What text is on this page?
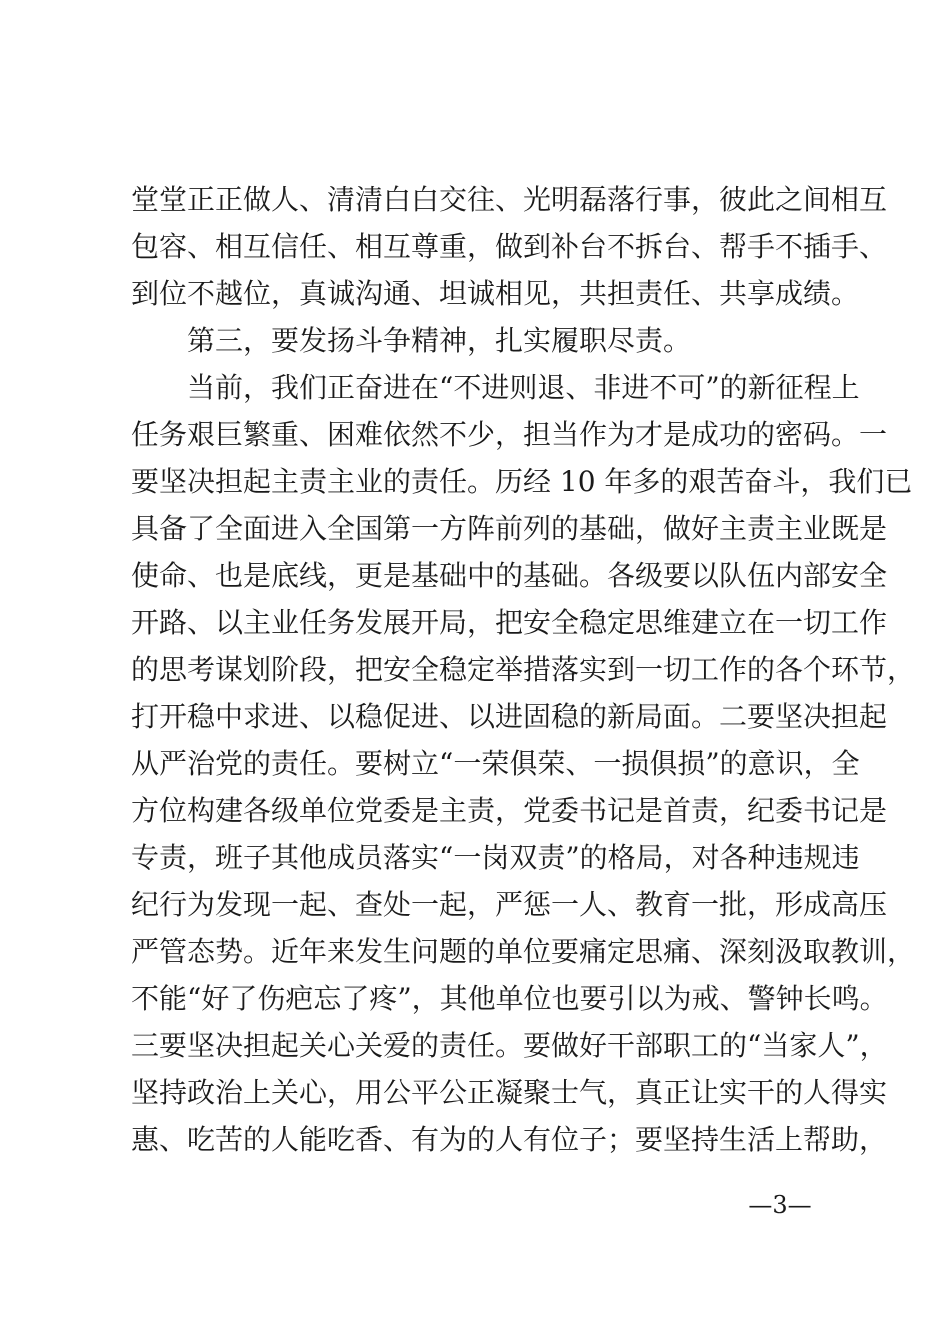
堂堂正正做人、清清白白交往、光明磊落行事，彼此之间相互
包容、相互信任、相互尊重，做到补台不拆台、帮手不插手、
到位不越位，真诚沟通、坦诚相见，共担责任、共享成绩。
第三，要发扬斗争精神，扎实履职尽责。
当前，我们正奋进在“不进则退、非进不可”的新征程上
任务艰巨繁重、困难依然不少，担当作为才是成功的密码。一
要坚决担起主责主业的责任。历经 10 年多的艰苦奋斗，我们已
具备了全面进入全国第一方阵前列的基础，做好主责主业既是
使命、也是底线，更是基础中的基础。各级要以队伍内部安全
开路、以主业任务发展开局，把安全稳定思维建立在一切工作
的思考谋划阶段，把安全稳定举措落实到一切工作的各个环节，
打开稳中求进、以稳促进、以进固稳的新局面。二要坚决担起
从严治党的责任。要树立“一荣俱荣、一损俱损”的意识，全
方位构建各级单位党委是主责，党委书记是首责，纪委书记是
专责，班子其他成员落实“一岗双责”的格局，对各种违规违
纪行为发现一起、查处一起，严惩一人、教育一批，形成高压
严管态势。近年来发生问题的单位要痛定思痛、深刻汲取教训，
不能“好了伤疤忘了疼”，其他单位也要引以为戒、警钟长鸣。
三要坚决担起关心关爱的责任。要做好干部职工的“当家人”，
坚持政治上关心，用公平公正凝聚士气，真正让实干的人得实
惠、吃苦的人能吃香、有为的人有位子；要坚持生活上帮助，
—3—
